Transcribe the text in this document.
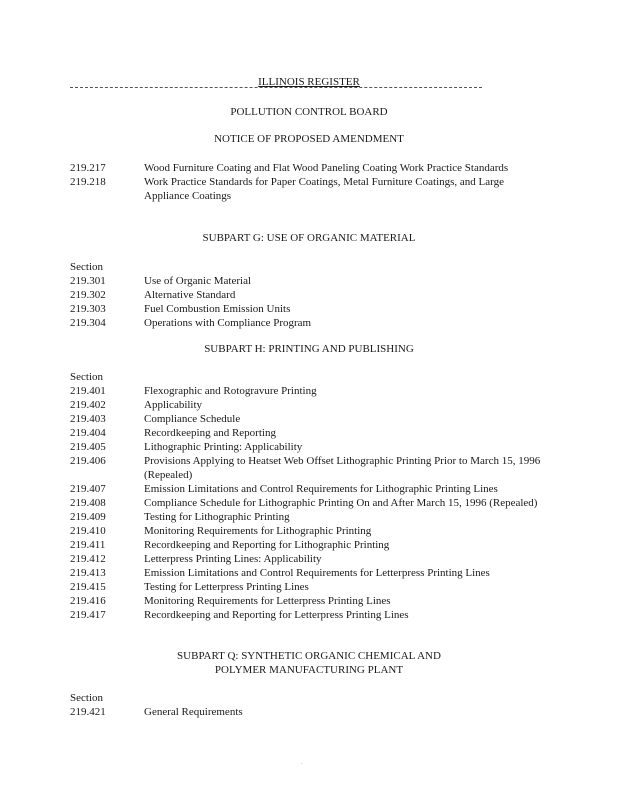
ILLINOIS REGISTER
POLLUTION CONTROL BOARD
NOTICE OF PROPOSED AMENDMENT
219.217	Wood Furniture Coating and Flat Wood Paneling Coating Work Practice Standards
219.218	Work Practice Standards for Paper Coatings, Metal Furniture Coatings, and Large Appliance Coatings
SUBPART G: USE OF ORGANIC MATERIAL
Section
219.301	Use of Organic Material
219.302	Alternative Standard
219.303	Fuel Combustion Emission Units
219.304	Operations with Compliance Program
SUBPART H: PRINTING AND PUBLISHING
Section
219.401	Flexographic and Rotogravure Printing
219.402	Applicability
219.403	Compliance Schedule
219.404	Recordkeeping and Reporting
219.405	Lithographic Printing: Applicability
219.406	Provisions Applying to Heatset Web Offset Lithographic Printing Prior to March 15, 1996 (Repealed)
219.407	Emission Limitations and Control Requirements for Lithographic Printing Lines
219.408	Compliance Schedule for Lithographic Printing On and After March 15, 1996 (Repealed)
219.409	Testing for Lithographic Printing
219.410	Monitoring Requirements for Lithographic Printing
219.411	Recordkeeping and Reporting for Lithographic Printing
219.412	Letterpress Printing Lines: Applicability
219.413	Emission Limitations and Control Requirements for Letterpress Printing Lines
219.415	Testing for Letterpress Printing Lines
219.416	Monitoring Requirements for Letterpress Printing Lines
219.417	Recordkeeping and Reporting for Letterpress Printing Lines
SUBPART Q: SYNTHETIC ORGANIC CHEMICAL AND
POLYMER MANUFACTURING PLANT
Section
219.421	General Requirements
.
